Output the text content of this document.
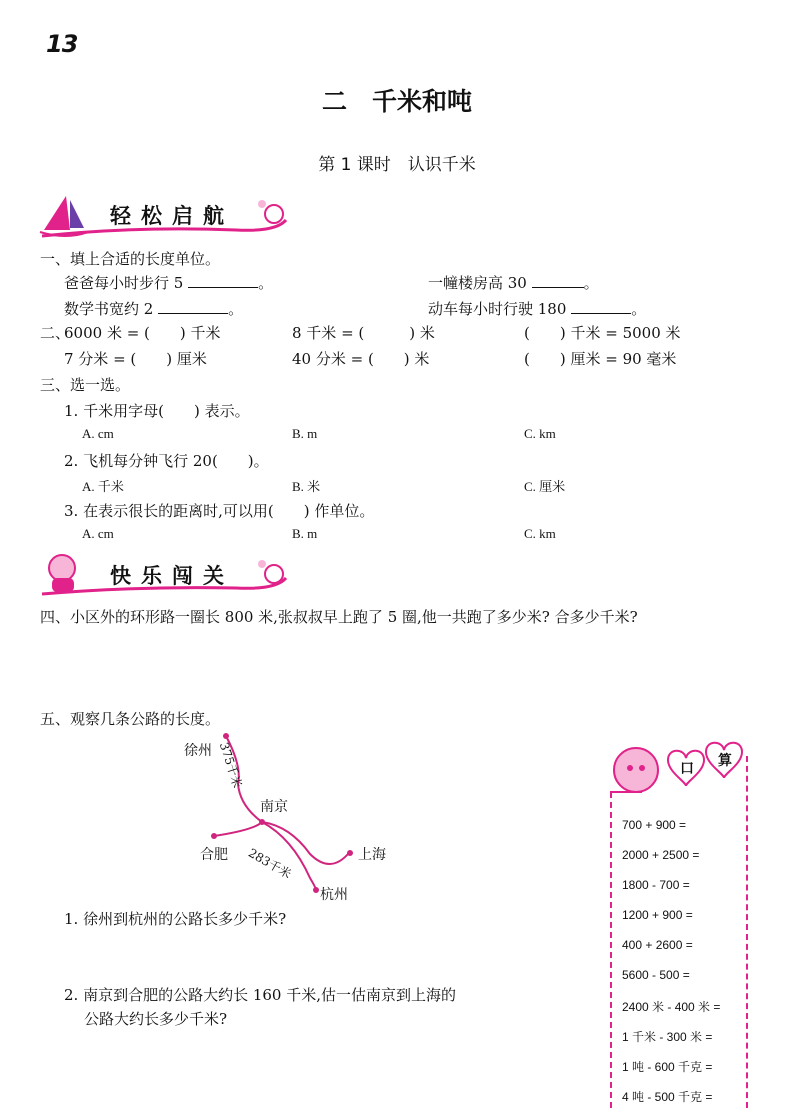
13
二　千米和吨
第 1 课时　认识千米
轻松启航
一、填上合适的长度单位。
爸爸每小时步行 5	。	一幢楼房高 30	。
数学书宽约 2	。	动车每小时行驶 180	。
二、
6000 米 = (　　) 千米	8 千米 = (　　　) 米	(　　) 千米 = 5000 米
7 分米 = (　　) 厘米	40 分米 = (　　) 米	(　　) 厘米 = 90 毫米
三、选一选。
1. 千米用字母(　　) 表示。
A. cm	B. m	C. km
2. 飞机每分钟飞行 20(　　)。
A. 千米	B. 米	C. 厘米
3. 在表示很长的距离时,可以用(　　) 作单位。
A. cm	B. m	C. km
快乐闯关
四、小区外的环形路一圈长 800 米,张叔叔早上跑了 5 圈,他一共跑了多少米? 合多少千米?
五、观察几条公路的长度。
徐州 375千米
南京
合肥 283千米	上海
杭州
1. 徐州到杭州的公路长多少千米?
2. 南京到合肥的公路大约长 160 千米,估一估南京到上海的
公路大约长多少千米?
口 算
700 + 900 =
2000 + 2500 =
1800 - 700 =
1200 + 900 =
400 + 2600 =
5600 - 500 =
2400 米 - 400 米 =
1 千米 - 300 米 =
1 吨 - 600 千克 =
4 吨 - 500 千克 =
